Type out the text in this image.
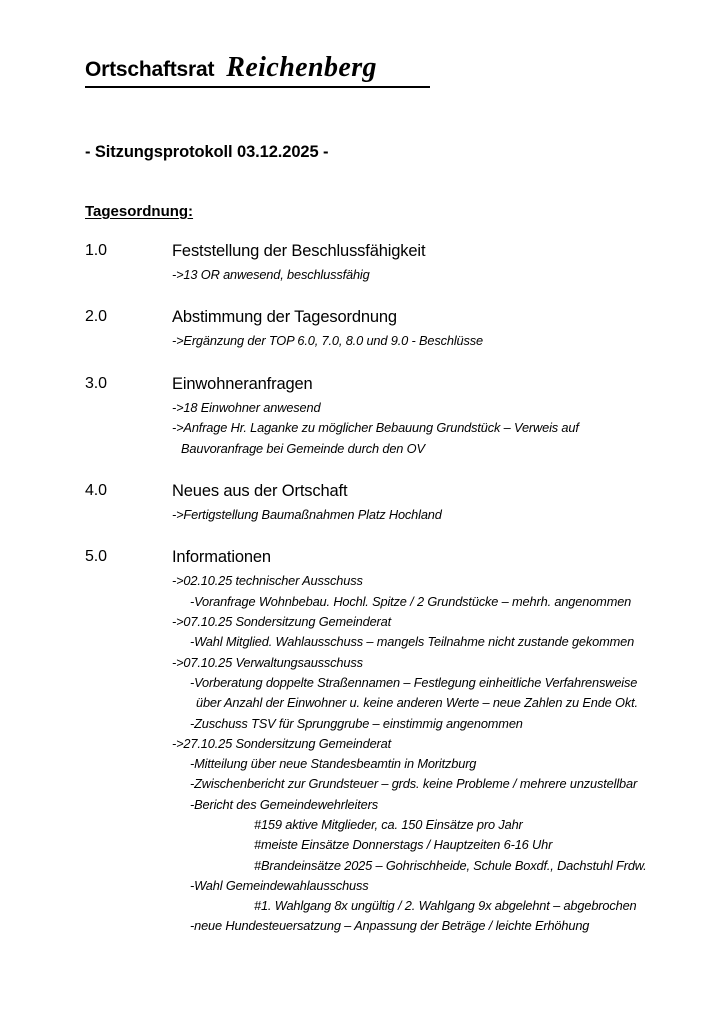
Ortschaftsrat Reichenberg
- Sitzungsprotokoll 03.12.2025 -
Tagesordnung:
1.0	Feststellung der Beschlussfähigkeit
->13 OR anwesend, beschlussfähig
2.0	Abstimmung der Tagesordnung
->Ergänzung der TOP 6.0, 7.0, 8.0 und 9.0 - Beschlüsse
3.0	Einwohneranfragen
->18 Einwohner anwesend
->Anfrage Hr. Laganke zu möglicher Bebauung Grundstück – Verweis auf
Bauvoranfrage bei Gemeinde durch den OV
4.0	Neues aus der Ortschaft
->Fertigstellung Baumaßnahmen Platz Hochland
5.0	Informationen
->02.10.25 technischer Ausschuss
-Voranfrage Wohnbebau. Hochl. Spitze / 2 Grundstücke – mehrh. angenommen
->07.10.25 Sondersitzung Gemeinderat
-Wahl Mitglied. Wahlausschuss – mangels Teilnahme nicht zustande gekommen
->07.10.25 Verwaltungsausschuss
-Vorberatung doppelte Straßennamen – Festlegung einheitliche Verfahrensweise
über Anzahl der Einwohner u. keine anderen Werte – neue Zahlen zu Ende Okt.
-Zuschuss TSV für Sprunggrube – einstimmig angenommen
->27.10.25 Sondersitzung Gemeinderat
-Mitteilung über neue Standesbeamtin in Moritzburg
-Zwischenbericht zur Grundsteuer – grds. keine Probleme / mehrere unzustellbar
-Bericht des Gemeindewehrleiters
#159 aktive Mitglieder, ca. 150 Einsätze pro Jahr
#meiste Einsätze Donnerstags / Hauptzeiten 6-16 Uhr
#Brandeinsätze 2025 – Gohrischheide, Schule Boxdf., Dachstuhl Frdw.
-Wahl Gemeindewahlausschuss
#1. Wahlgang 8x ungültig / 2. Wahlgang 9x abgelehnt – abgebrochen
-neue Hundesteuersatzung – Anpassung der Beträge / leichte Erhöhung
